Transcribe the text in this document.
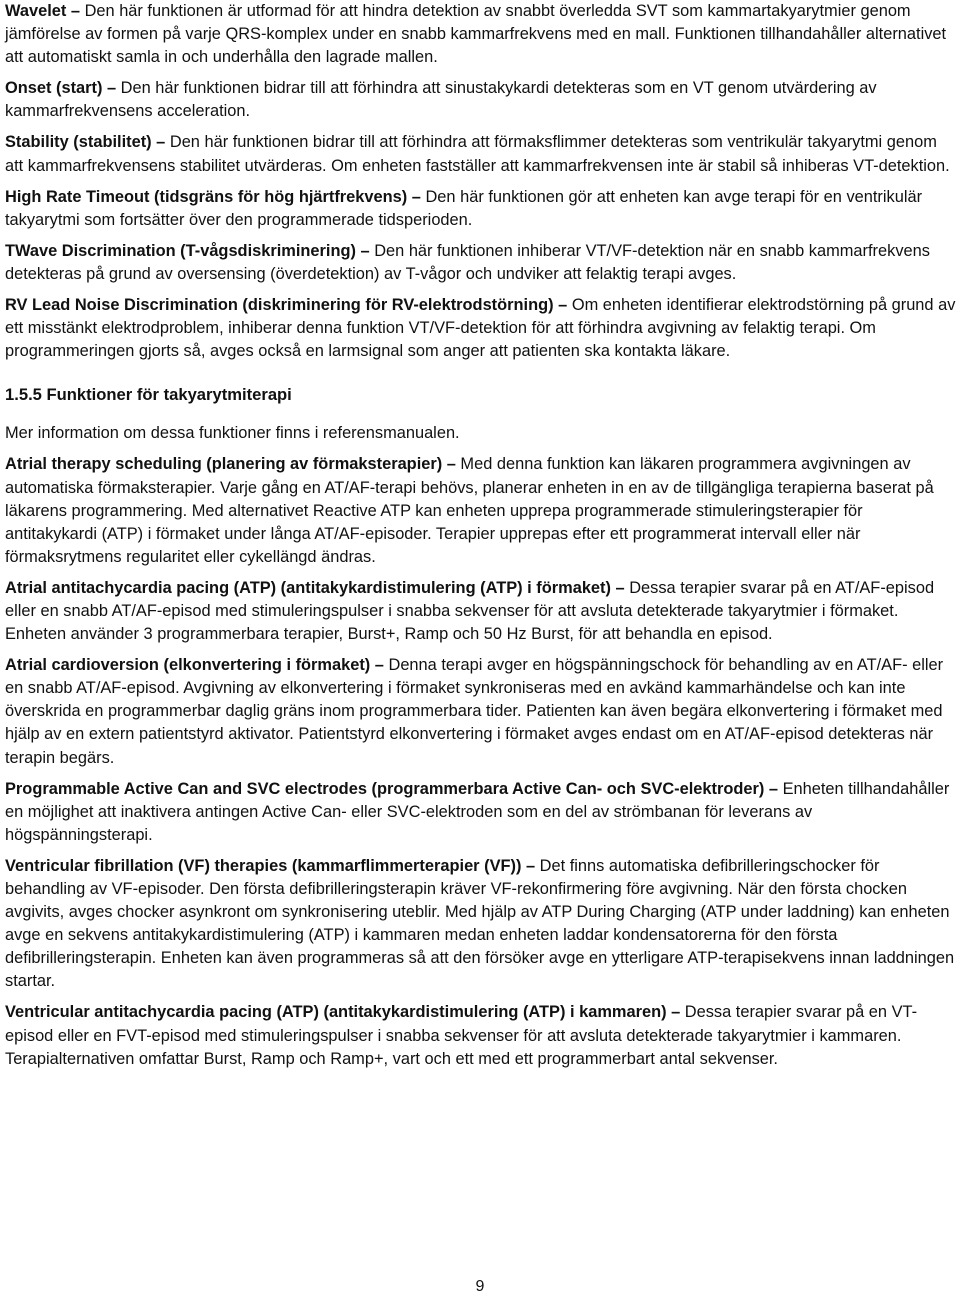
Wavelet – Den här funktionen är utformad för att hindra detektion av snabbt överledda SVT som kammartakyarytmier genom jämförelse av formen på varje QRS-komplex under en snabb kammarfrekvens med en mall. Funktionen tillhandahåller alternativet att automatiskt samla in och underhålla den lagrade mallen.

Onset (start) – Den här funktionen bidrar till att förhindra att sinustakykardi detekteras som en VT genom utvärdering av kammarfrekvensens acceleration.

Stability (stabilitet) – Den här funktionen bidrar till att förhindra att förmaksflimmer detekteras som ventrikulär takyarytmi genom att kammarfrekvensens stabilitet utvärderas. Om enheten fastställer att kammarfrekvensen inte är stabil så inhiberas VT-detektion.

High Rate Timeout (tidsgräns för hög hjärtfrekvens) – Den här funktionen gör att enheten kan avge terapi för en ventrikulär takyarytmi som fortsätter över den programmerade tidsperioden.

TWave Discrimination (T-vågsdiskriminering) – Den här funktionen inhiberar VT/VF-detektion när en snabb kammarfrekvens detekteras på grund av oversensing (överdetektion) av T-vågor och undviker att felaktig terapi avges.

RV Lead Noise Discrimination (diskriminering för RV-elektrodstörning) – Om enheten identifierar elektrodstörning på grund av ett misstänkt elektrodproblem, inhiberar denna funktion VT/VF-detektion för att förhindra avgivning av felaktig terapi. Om programmeringen gjorts så, avges också en larmsignal som anger att patienten ska kontakta läkare.

1.5.5 Funktioner för takyarytmiterapi

Mer information om dessa funktioner finns i referensmanualen.

Atrial therapy scheduling (planering av förmaksterapier) – Med denna funktion kan läkaren programmera avgivningen av automatiska förmaksterapier. Varje gång en AT/AF-terapi behövs, planerar enheten in en av de tillgängliga terapierna baserat på läkarens programmering. Med alternativet Reactive ATP kan enheten upprepa programmerade stimuleringsterapier för antitakykardi (ATP) i förmaket under långa AT/AF-episoder. Terapier upprepas efter ett programmerat intervall eller när förmaksrytmens regularitet eller cykellängd ändras.

Atrial antitachycardia pacing (ATP) (antitakykardistimulering (ATP) i förmaket) – Dessa terapier svarar på en AT/AF-episod eller en snabb AT/AF-episod med stimuleringspulser i snabba sekvenser för att avsluta detekterade takyarytmier i förmaket. Enheten använder 3 programmerbara terapier, Burst+, Ramp och 50 Hz Burst, för att behandla en episod.

Atrial cardioversion (elkonvertering i förmaket) – Denna terapi avger en högspänningschock för behandling av en AT/AF- eller en snabb AT/AF-episod. Avgivning av elkonvertering i förmaket synkroniseras med en avkänd kammarhändelse och kan inte överskrida en programmerbar daglig gräns inom programmerbara tider. Patienten kan även begära elkonvertering i förmaket med hjälp av en extern patientstyrd aktivator. Patientstyrd elkonvertering i förmaket avges endast om en AT/AF-episod detekteras när terapin begärs.

Programmable Active Can and SVC electrodes (programmerbara Active Can- och SVC-elektroder) – Enheten tillhandahåller en möjlighet att inaktivera antingen Active Can- eller SVC-elektroden som en del av strömbanan för leverans av högspänningsterapi.

Ventricular fibrillation (VF) therapies (kammarflimmerterapier (VF)) – Det finns automatiska defibrilleringschocker för behandling av VF-episoder. Den första defibrilleringsterapin kräver VF-rekonfirmering före avgivning. När den första chocken avgivits, avges chocker asynkront om synkronisering uteblir. Med hjälp av ATP During Charging (ATP under laddning) kan enheten avge en sekvens antitakykardistimulering (ATP) i kammaren medan enheten laddar kondensatorerna för den första defibrilleringsterapin. Enheten kan även programmeras så att den försöker avge en ytterligare ATP-terapisekvens innan laddningen startar.

Ventricular antitachycardia pacing (ATP) (antitakykardistimulering (ATP) i kammaren) – Dessa terapier svarar på en VT-episod eller en FVT-episod med stimuleringspulser i snabba sekvenser för att avsluta detekterade takyarytmier i kammaren. Terapialternativen omfattar Burst, Ramp och Ramp+, vart och ett med ett programmerbart antal sekvenser.

9
